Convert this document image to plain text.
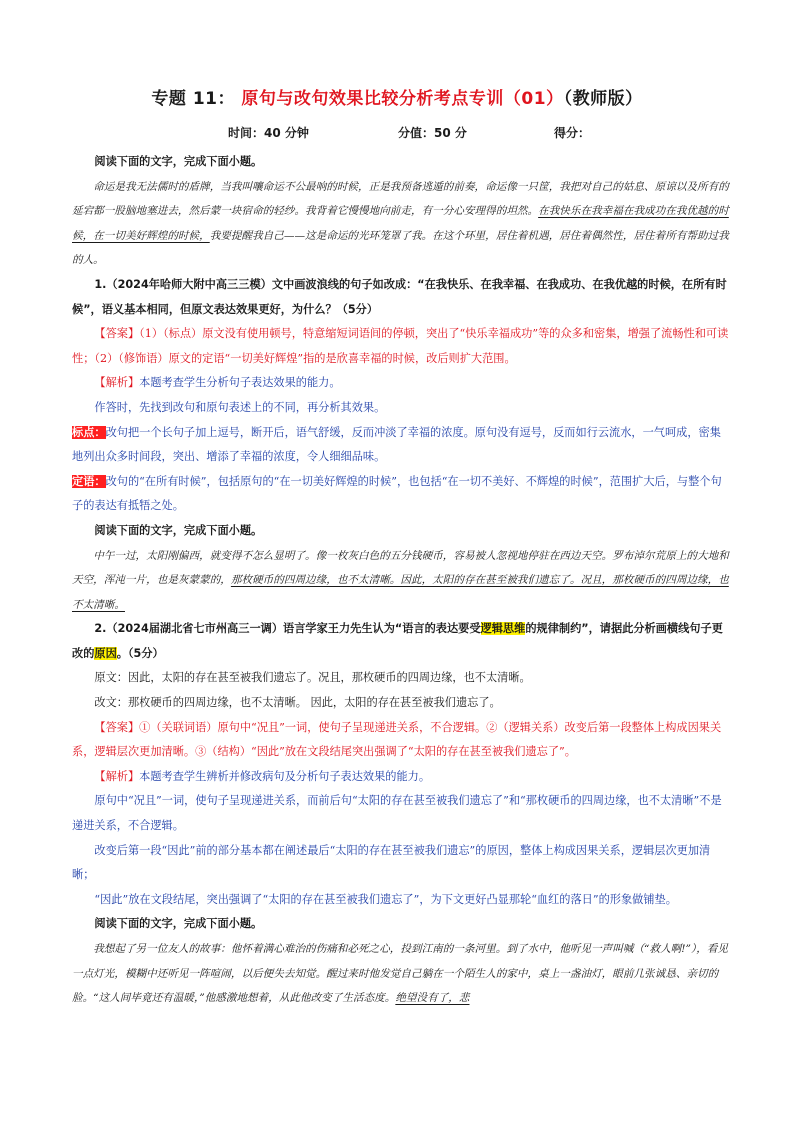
专题 11： 原句与改句效果比较分析考点专训（01）（教师版）
时间：40 分钟	分值：50 分	得分：

阅读下面的文字，完成下面小题。

命运是我无法儒时的盾牌，当我叫嚷命运不公最响的时候，正是我预备逃遁的前奏，命运像一只筐，我把对自己的姑息、原谅以及所有的延宕都一股脑地塞进去，然后蒙一块宿命的轻纱。我背着它慢慢地向前走，有一分心安理得的坦然。在我快乐在我幸福在我成功在我优越的时候，在一切美好辉煌的时候，我要提醒我自己——这是命运的光环笼罩了我。在这个环里，居住着机遇，居住着偶然性，居住着所有帮助过我的人。

1.（2024年哈师大附中高三三模）文中画波浪线的句子如改成：“在我快乐、在我幸福、在我成功、在我优越的时候，在所有时候”，语义基本相同，但原文表达效果更好，为什么？（5分）

【答案】（1）（标点）原文没有使用顿号，特意缩短词语间的停顿，突出了“快乐幸福成功”等的众多和密集，增强了流畅性和可读性；（2）（修饰语）原文的定语“一切美好辉煌”指的是欣喜幸福的时候，改后则扩大范围。

【解析】本题考查学生分析句子表达效果的能力。

作答时，先找到改句和原句表述上的不同，再分析其效果。

标点：改句把一个长句子加上逗号，断开后，语气舒缓，反而冲淡了幸福的浓度。原句没有逗号，反而如行云流水，一气呵成，密集地列出众多时间段，突出、增添了幸福的浓度，令人细细品味。

定语：改句的“在所有时候”，包括原句的“在一切美好辉煌的时候”，也包括“在一切不美好、不辉煌的时候”，范围扩大后，与整个句子的表达有抵牾之处。

阅读下面的文字，完成下面小题。

中午一过，太阳刚偏西，就变得不怎么显明了。像一枚灰白色的五分钱硬币，容易被人忽视地停驻在西边天空。罗布淖尔荒原上的大地和天空，浑沌一片，也是灰蒙蒙的，那枚硬币的四周边缘，也不太清晰。因此，太阳的存在甚至被我们遗忘了。况且，那枚硬币的四周边缘，也不太清晰。

2.（2024届湖北省七市州高三一调）语言学家王力先生认为“语言的表达要受逻辑思维的规律制约”，请据此分析画横线句子更改的原因。（5分）

原文：因此，太阳的存在甚至被我们遗忘了。况且，那枚硬币的四周边缘，也不太清晰。

改文：那枚硬币的四周边缘，也不太清晰。 因此，太阳的存在甚至被我们遗忘了。

【答案】①（关联词语）原句中“况且”一词，使句子呈现递进关系，不合逻辑。②（逻辑关系）改变后第一段整体上构成因果关系，逻辑层次更加清晰。③（结构）“因此”放在文段结尾突出强调了“太阳的存在甚至被我们遗忘了”。

【解析】本题考查学生辨析并修改病句及分析句子表达效果的能力。

原句中“况且”一词，使句子呈现递进关系，而前后句“太阳的存在甚至被我们遗忘了”和“那枚硬币的四周边缘，也不太清晰”不是递进关系，不合逻辑。

改变后第一段“因此”前的部分基本都在阐述最后“太阳的存在甚至被我们遗忘”的原因，整体上构成因果关系，逻辑层次更加清晰；

“因此”放在文段结尾，突出强调了“太阳的存在甚至被我们遗忘了”，为下文更好凸显那轮“血红的落日”的形象做铺垫。

阅读下面的文字，完成下面小题。

我想起了另一位友人的故事：他怀着满心难治的伤痛和必死之心，投到江南的一条河里。到了水中，他听见一声叫喊（“救人啊!”），看见一点灯光，模糊中还听见一阵喧闹，以后便失去知觉。醒过来时他发觉自己躺在一个陌生人的家中，桌上一盏油灯，眼前几张诚恳、亲切的脸。“这人间毕竟还有温暖，”他感激地想着，从此他改变了生活态度。绝望没有了，悲
